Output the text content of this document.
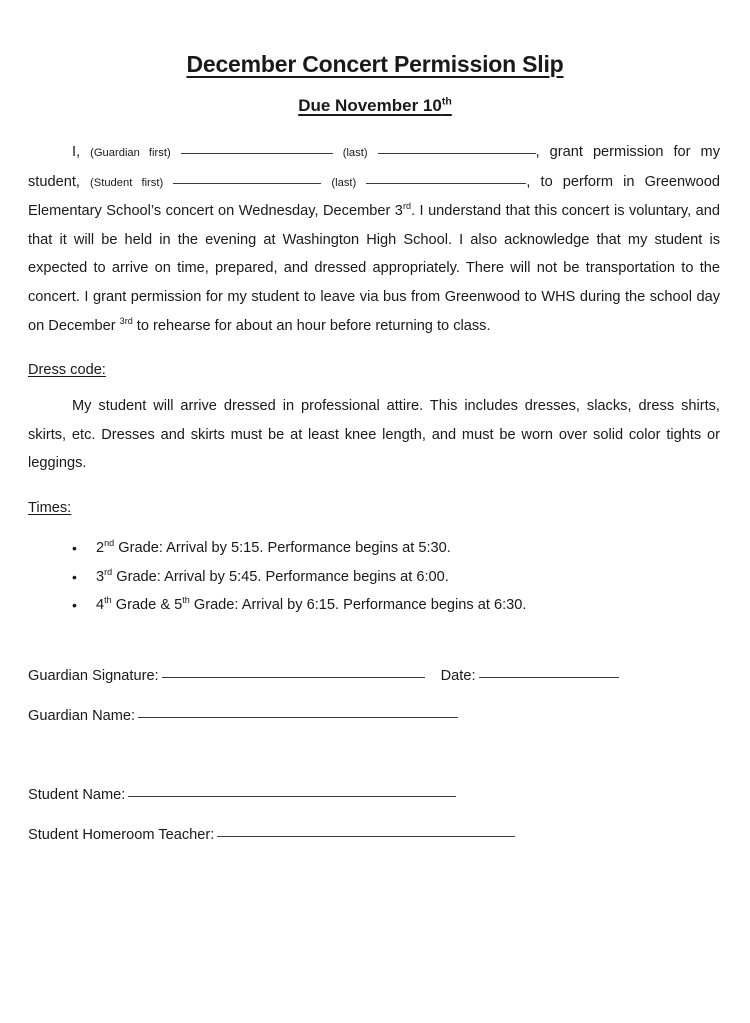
December Concert Permission Slip
Due November 10th

I, (Guardian first)	(last)	, grant permission for my student, (Student first)	(last)	, to perform in Greenwood Elementary School’s concert on Wednesday, December 3rd. I understand that this concert is voluntary, and that it will be held in the evening at Washington High School. I also acknowledge that my student is expected to arrive on time, prepared, and dressed appropriately. There will not be transportation to the concert. I grant permission for my student to leave via bus from Greenwood to WHS during the school day on December $^{3rd}$ to rehearse for about an hour before returning to class.

Dress code:

My student will arrive dressed in professional attire. This includes dresses, slacks, dress shirts, skirts, etc. Dresses and skirts must be at least knee length, and must be worn over solid color tights or leggings.

Times:
• 2nd Grade: Arrival by 5:15. Performance begins at 5:30.
• 3rd Grade: Arrival by 5:45. Performance begins at 6:00.
• 4th Grade & 5th Grade: Arrival by 6:15. Performance begins at 6:30.
Guardian Signature:	Date:
Guardian Name:
Student Name:
Student Homeroom Teacher:
